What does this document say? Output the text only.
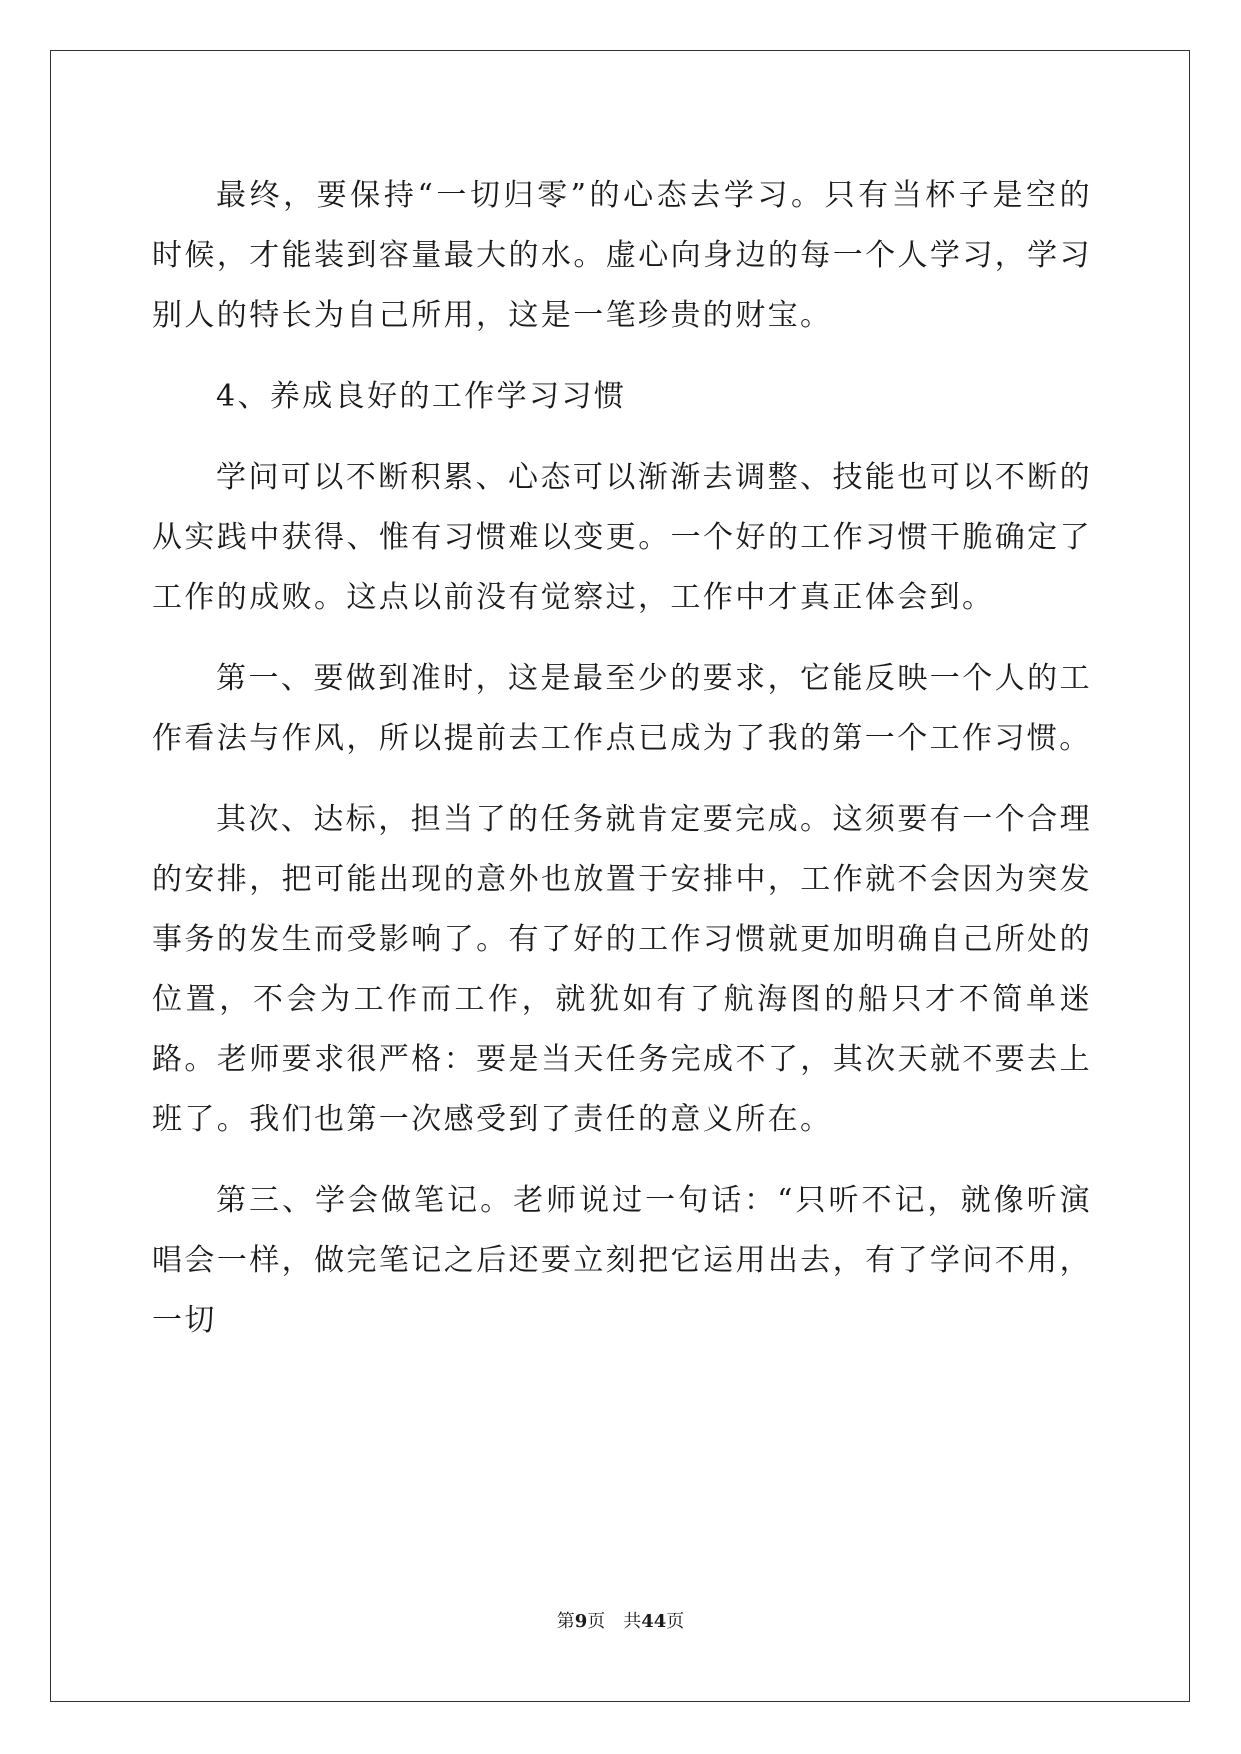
最终，要保持“一切归零”的心态去学习。只有当杯子是空的时候，才能装到容量最大的水。虚心向身边的每一个人学习，学习别人的特长为自己所用，这是一笔珍贵的财宝。

4、养成良好的工作学习习惯

学问可以不断积累、心态可以渐渐去调整、技能也可以不断的从实践中获得、惟有习惯难以变更。一个好的工作习惯干脆确定了工作的成败。这点以前没有觉察过，工作中才真正体会到。

第一、要做到准时，这是最至少的要求，它能反映一个人的工作看法与作风，所以提前去工作点已成为了我的第一个工作习惯。

其次、达标，担当了的任务就肯定要完成。这须要有一个合理的安排，把可能出现的意外也放置于安排中，工作就不会因为突发事务的发生而受影响了。有了好的工作习惯就更加明确自己所处的位置，不会为工作而工作，就犹如有了航海图的船只才不简单迷路。老师要求很严格：要是当天任务完成不了，其次天就不要去上班了。我们也第一次感受到了责任的意义所在。

第三、学会做笔记。老师说过一句话：“只听不记，就像听演唱会一样，做完笔记之后还要立刻把它运用出去，有了学问不用，一切

第9页 共44页
